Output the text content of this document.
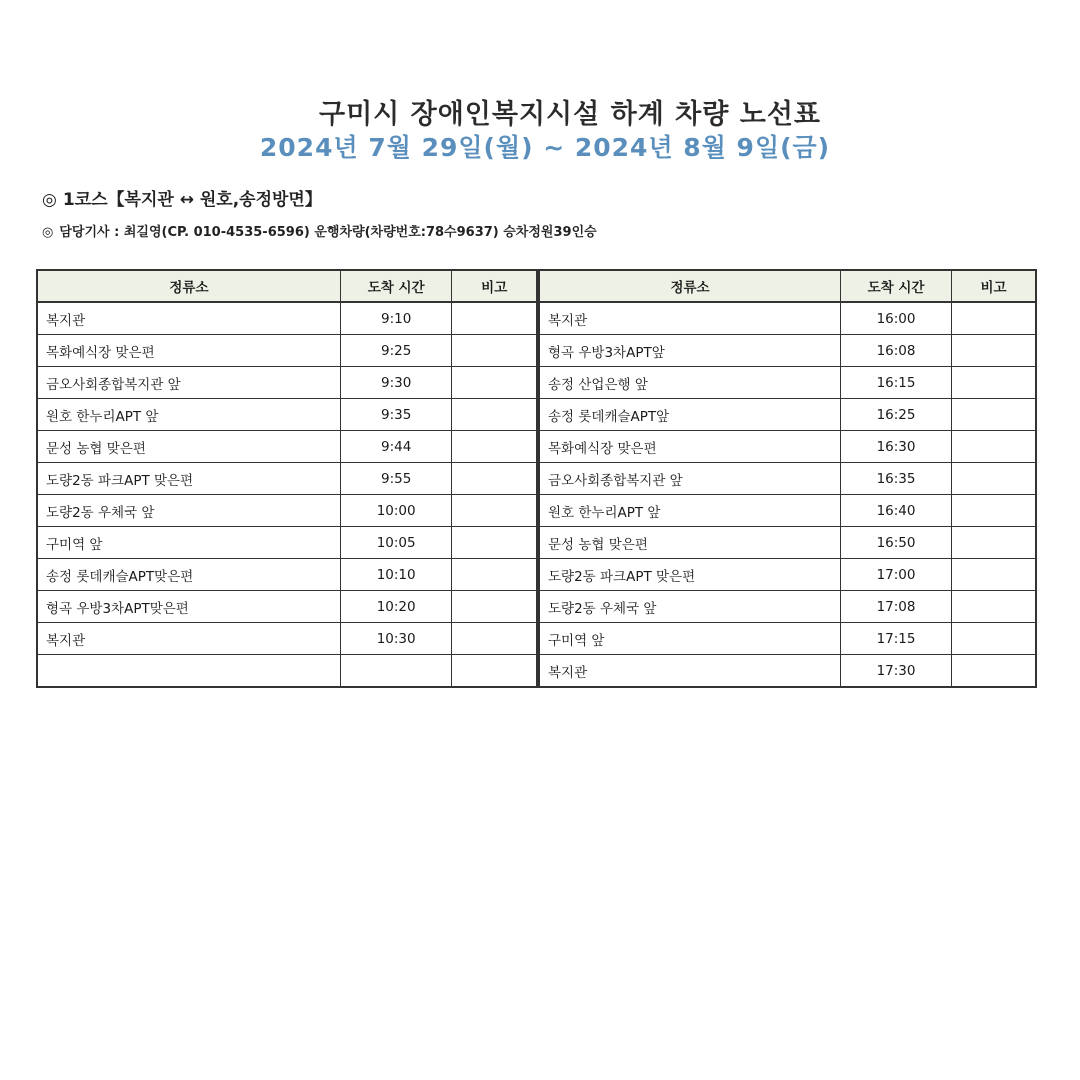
구미시 장애인복지시설 하계 차량 노선표
2024년 7월 29일(월) ~ 2024년 8월 9일(금)
◎ 1코스【복지관 ↔ 원호,송정방면】
◎ 담당기사 : 최길영(CP. 010-4535-6596) 운행차량(차량번호:78수9637) 승차정원39인승
정류소	도착 시간	비고
복지관	9:10	
목화예식장 맞은편	9:25	
금오사회종합복지관 앞	9:30	
원호 한누리APT 앞	9:35	
문성 농협 맞은편	9:44	
도량2동 파크APT 맞은편	9:55	
도량2동 우체국 앞	10:00	
구미역 앞	10:05	
송정 롯데캐슬APT맞은편	10:10	
형곡 우방3차APT맞은편	10:20	
복지관	10:30	

정류소	도착 시간	비고
복지관	16:00	
형곡 우방3차APT앞	16:08	
송정 산업은행 앞	16:15	
송정 롯데캐슬APT앞	16:25	
목화예식장 맞은편	16:30	
금오사회종합복지관 앞	16:35	
원호 한누리APT 앞	16:40	
문성 농협 맞은편	16:50	
도량2동 파크APT 맞은편	17:00	
도량2동 우체국 앞	17:08	
구미역 앞	17:15	
복지관	17:30	
